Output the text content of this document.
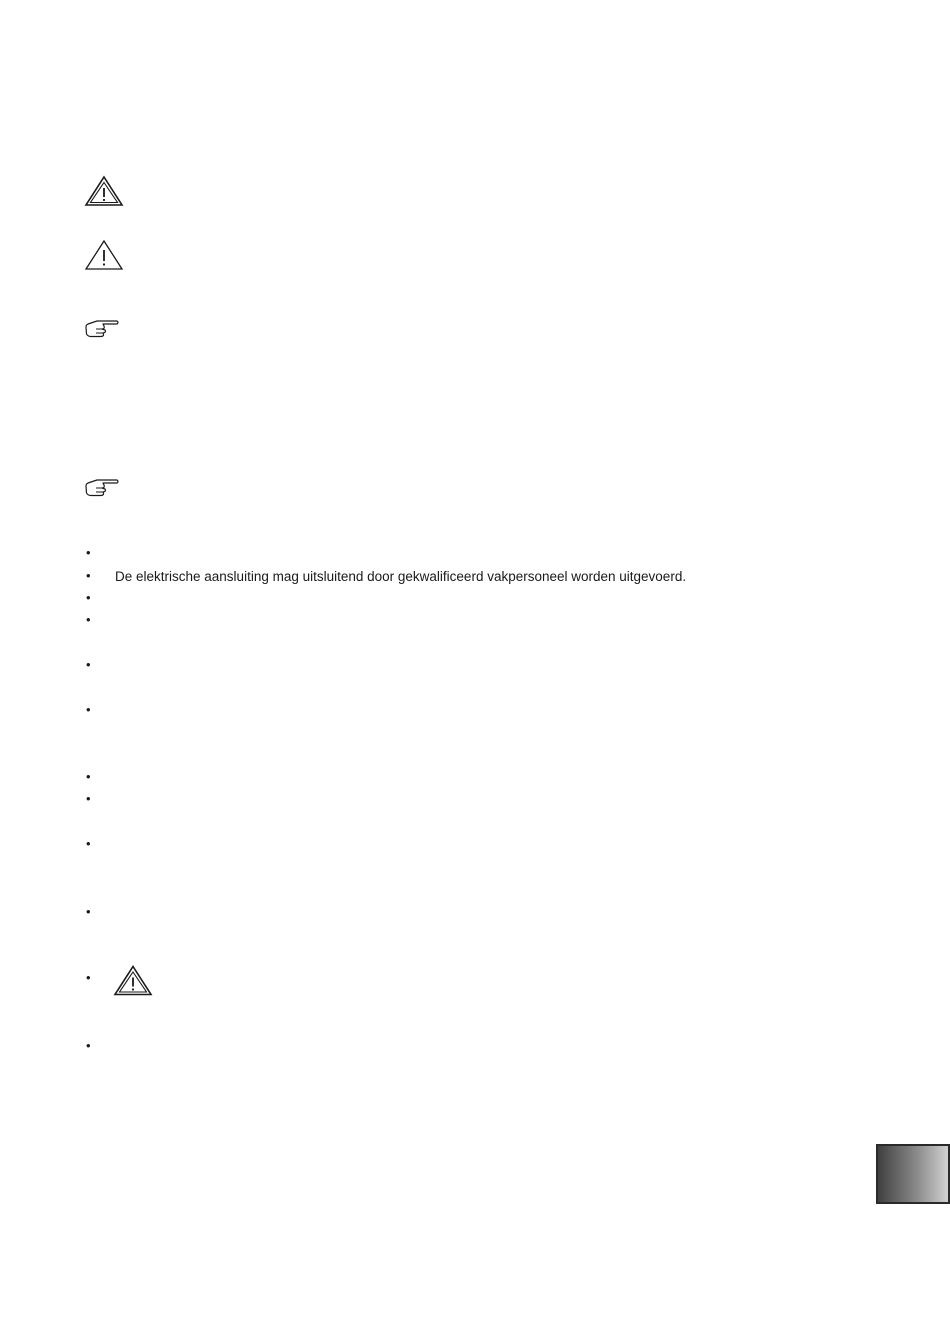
•
•
De elektrische aansluiting mag uitsluitend door gekwalificeerd vakpersoneel worden uitgevoerd.
•
•
•
•
•
•
•
•
•
•
